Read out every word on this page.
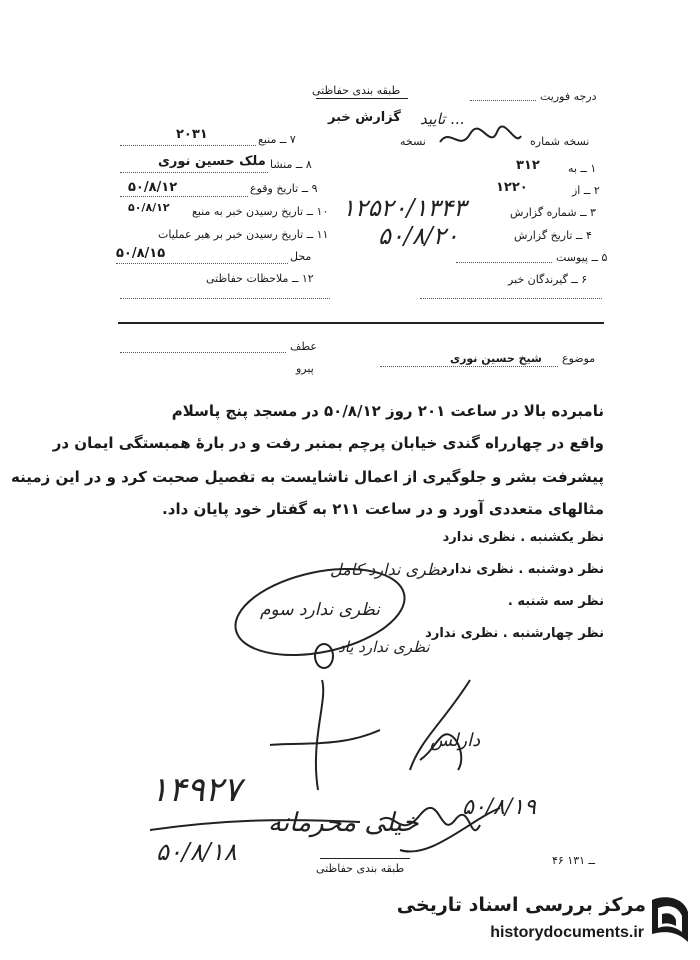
طبقه بندی حفاظتی	درجه فوریت
گزارش خبر تایید ...
نسخه	نسخه شماره
۷ ــ منبع
۲۰۳۱
۸ ــ منشا
ملک حسین نوری
۹ ــ تاریخ وقوع
۵۰/۸/۱۲
۱۰ ــ تاریخ رسیدن خبر به منبع
۵۰/۸/۱۲
۱۱ ــ تاریخ رسیدن خبر بر هبر عملیات
محل
۵۰/۸/۱۵
۱۲ ــ ملاحظات حفاظتی
۱ ــ به
۳۱۲
۲ ــ از
۱۲۲۰
۳ ــ شماره گزارش
۱۲۵۲۰/۱۳۴۳
۴ ــ تاریخ گزارش
۵۰/۸/۲۰
۵ ــ پیوست
۶ ــ گیرندگان خبر
عطف
پیرو
موضوع
شیخ حسین نوری
نامبرده بالا در ساعت ۲۰۱ روز ۵۰/۸/۱۲ در مسجد پنج پاسلام
واقع در چهارراه گندی خیابان پرچم بمنبر رفت و در بارۀ همبستگی ایمان در
پیشرفت بشر و جلوگیری از اعمال ناشایست به تفصیل صحبت کرد و در این زمینه
مثالهای متعددی آورد و در ساعت ۲۱۱ به گفتار خود پایان داد.
نظر یکشنبه . نظری ندارد
نظر دوشنبه . نظری ندارد
نظر سه شنبه .
نظر چهارشنبه . نظری ندارد
نظری ندارد کامل
نظری ندارد سوم
نظری ندارد یاد
دارلس
۱۴۹۲۷
۵۰/۸/۱۸
۵۰/۸/۱۹
خیلی محرمانه
طبقه بندی حفاظتی
۴۶ ــ ۱۳۱
مرکز بررسی اسناد تاریخی
historydocuments.ir
